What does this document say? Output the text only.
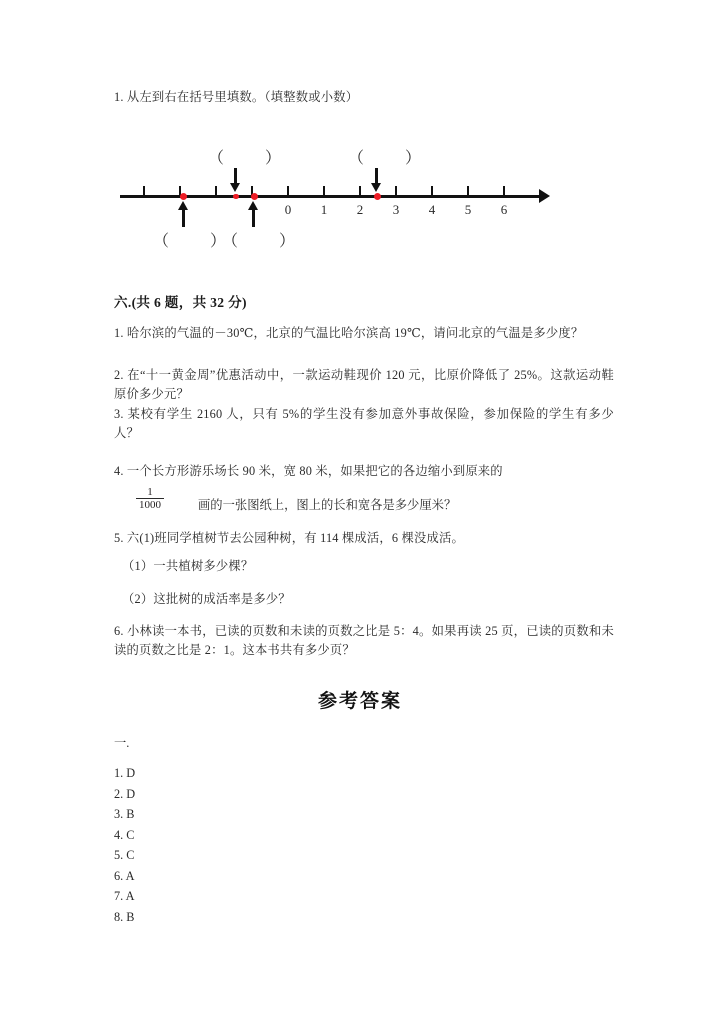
1. 从左到右在括号里填数。（填整数或小数）
0	1	2	3	4	5	6
（        ）	（        ）
（        ）
（        ）
六.(共 6 题，共 32 分)
1. 哈尔滨的气温的－30℃，北京的气温比哈尔滨高 19℃，请问北京的气温是多少度？
2. 在“十一黄金周”优惠活动中，一款运动鞋现价 120 元，比原价降低了 25%。这款运动鞋原价多少元？
3. 某校有学生 2160 人，只有 5%的学生没有参加意外事故保险，参加保险的学生有多少人？
4. 一个长方形游乐场长 90 米，宽 80 米，如果把它的各边缩小到原来的
$\frac{1}{1000}$	画的一张图纸上，图上的长和宽各是多少厘米？
5. 六(1)班同学植树节去公园种树，有 114 棵成活，6 棵没成活。
（1）一共植树多少棵？
（2）这批树的成活率是多少？
6. 小林读一本书，已读的页数和未读的页数之比是 5：4。如果再读 25 页，已读的页数和未读的页数之比是 2：1。这本书共有多少页？
参考答案
一.
1. D
2. D
3. B
4. C
5. C
6. A
7. A
8. B
